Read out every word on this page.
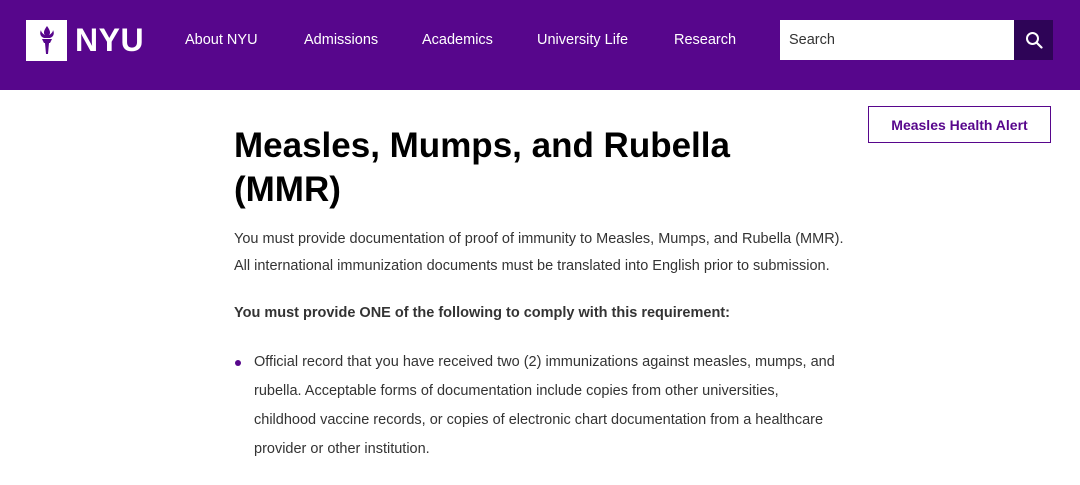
NYU	About NYU	Admissions	Academics	University Life	Research
Search
Measles Health Alert
Measles, Mumps, and Rubella (MMR)

You must provide documentation of proof of immunity to Measles, Mumps, and Rubella (MMR). All international immunization documents must be translated into English prior to submission.

You must provide ONE of the following to comply with this requirement:

Official record that you have received two (2) immunizations against measles, mumps, and rubella. Acceptable forms of documentation include copies from other universities, childhood vaccine records, or copies of electronic chart documentation from a healthcare provider or other institution.
